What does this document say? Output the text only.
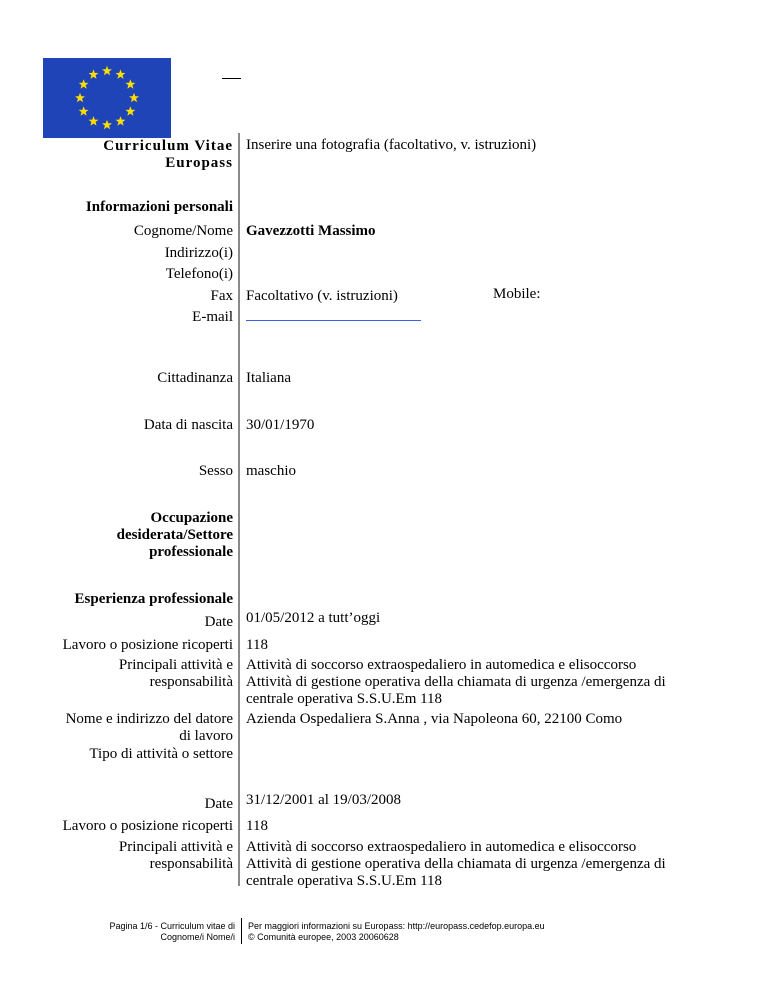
Curriculum Vitae
Europass
Inserire una fotografia (facoltativo, v. istruzioni)
Informazioni personali
Cognome/Nome Gavezzotti Massimo
Indirizzo(i)
Telefono(i)
Mobile:
Fax Facoltativo (v. istruzioni)
E-mail
Cittadinanza Italiana
Data di nascita 30/01/1970
Sesso maschio
Occupazione
desiderata/Settore
professionale
Esperienza professionale
Date 01/05/2012 a tutt’oggi
Lavoro o posizione ricoperti 118
Principali attività e
responsabilità
Attività di soccorso extraospedaliero in automedica e elisoccorso
Attività di gestione operativa della chiamata di urgenza /emergenza di
centrale operativa S.S.U.Em 118
Nome e indirizzo del datore
di lavoro
Azienda Ospedaliera S.Anna , via Napoleona 60, 22100 Como
Tipo di attività o settore
Date 31/12/2001 al 19/03/2008
Lavoro o posizione ricoperti 118
Principali attività e
responsabilità
Attività di soccorso extraospedaliero in automedica e elisoccorso
Attività di gestione operativa della chiamata di urgenza /emergenza di
centrale operativa S.S.U.Em 118
Pagina 1/6 - Curriculum vitae di
Cognome/i Nome/i
Per maggiori informazioni su Europass: http://europass.cedefop.europa.eu
© Comunità europee, 2003 20060628
